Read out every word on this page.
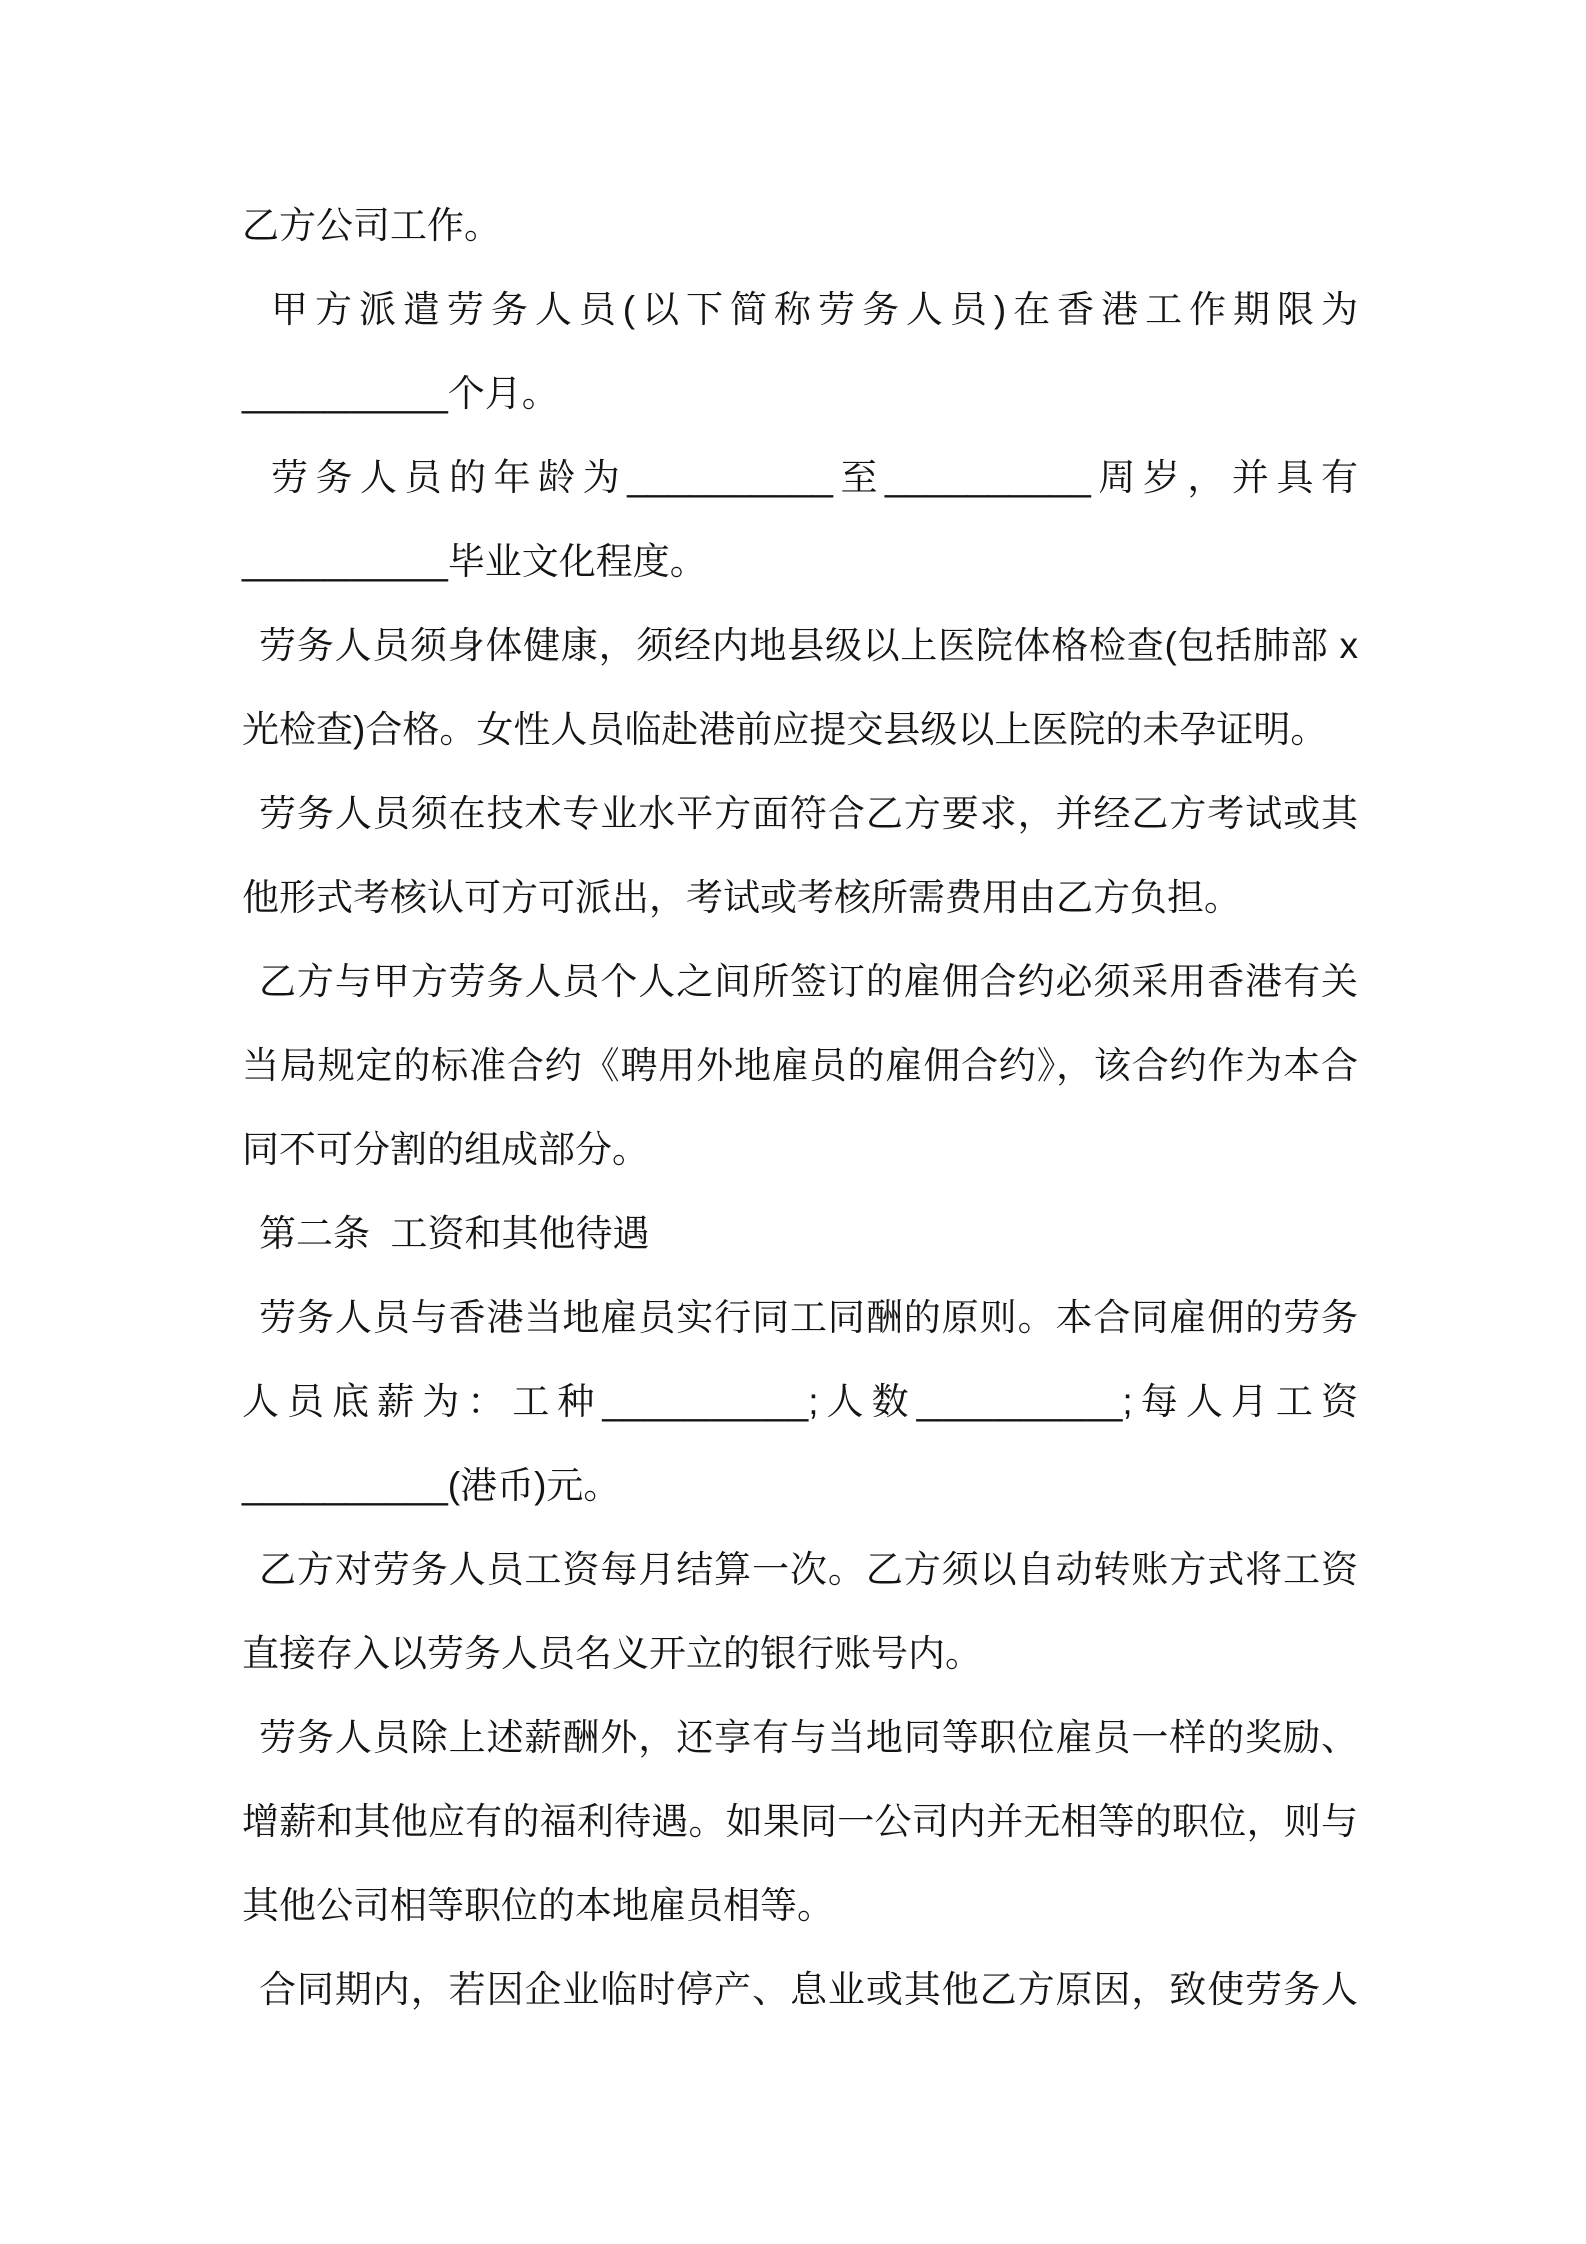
乙方公司工作。
甲方派遣劳务人员(以下简称劳务人员)在香港工作期限为
__________个月。
劳务人员的年龄为__________至__________周岁，并具有
__________毕业文化程度。
劳务人员须身体健康，须经内地县级以上医院体格检查(包括肺部 x
光检查)合格。女性人员临赴港前应提交县级以上医院的未孕证明。
劳务人员须在技术专业水平方面符合乙方要求，并经乙方考试或其
他形式考核认可方可派出，考试或考核所需费用由乙方负担。
乙方与甲方劳务人员个人之间所签订的雇佣合约必须采用香港有关
当局规定的标准合约《聘用外地雇员的雇佣合约》，该合约作为本合
同不可分割的组成部分。
第二条  工资和其他待遇
劳务人员与香港当地雇员实行同工同酬的原则。本合同雇佣的劳务
人员底薪为：工种__________;人数__________;每人月工资
__________(港币)元。
乙方对劳务人员工资每月结算一次。乙方须以自动转账方式将工资
直接存入以劳务人员名义开立的银行账号内。
劳务人员除上述薪酬外，还享有与当地同等职位雇员一样的奖励、
增薪和其他应有的福利待遇。如果同一公司内并无相等的职位，则与
其他公司相等职位的本地雇员相等。
合同期内，若因企业临时停产、息业或其他乙方原因，致使劳务人
